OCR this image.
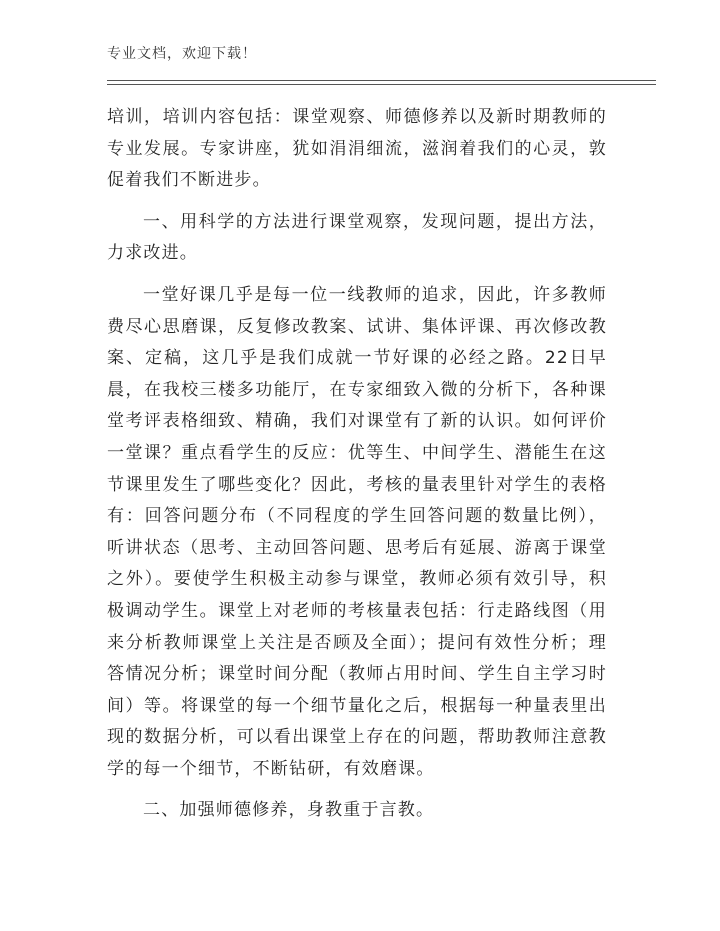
专业文档，欢迎下载！

培训，培训内容包括：课堂观察、师德修养以及新时期教师的专业发展。专家讲座，犹如涓涓细流，滋润着我们的心灵，敦促着我们不断进步。

一、用科学的方法进行课堂观察，发现问题，提出方法，力求改进。

一堂好课几乎是每一位一线教师的追求，因此，许多教师费尽心思磨课，反复修改教案、试讲、集体评课、再次修改教案、定稿，这几乎是我们成就一节好课的必经之路。22日早晨，在我校三楼多功能厅，在专家细致入微的分析下，各种课堂考评表格细致、精确，我们对课堂有了新的认识。如何评价一堂课？重点看学生的反应：优等生、中间学生、潜能生在这节课里发生了哪些变化？因此，考核的量表里针对学生的表格有：回答问题分布（不同程度的学生回答问题的数量比例），听讲状态（思考、主动回答问题、思考后有延展、游离于课堂之外）。要使学生积极主动参与课堂，教师必须有效引导，积极调动学生。课堂上对老师的考核量表包括：行走路线图（用来分析教师课堂上关注是否顾及全面）；提问有效性分析；理答情况分析；课堂时间分配（教师占用时间、学生自主学习时间）等。将课堂的每一个细节量化之后，根据每一种量表里出现的数据分析，可以看出课堂上存在的问题，帮助教师注意教学的每一个细节，不断钻研，有效磨课。

二、加强师德修养，身教重于言教。
